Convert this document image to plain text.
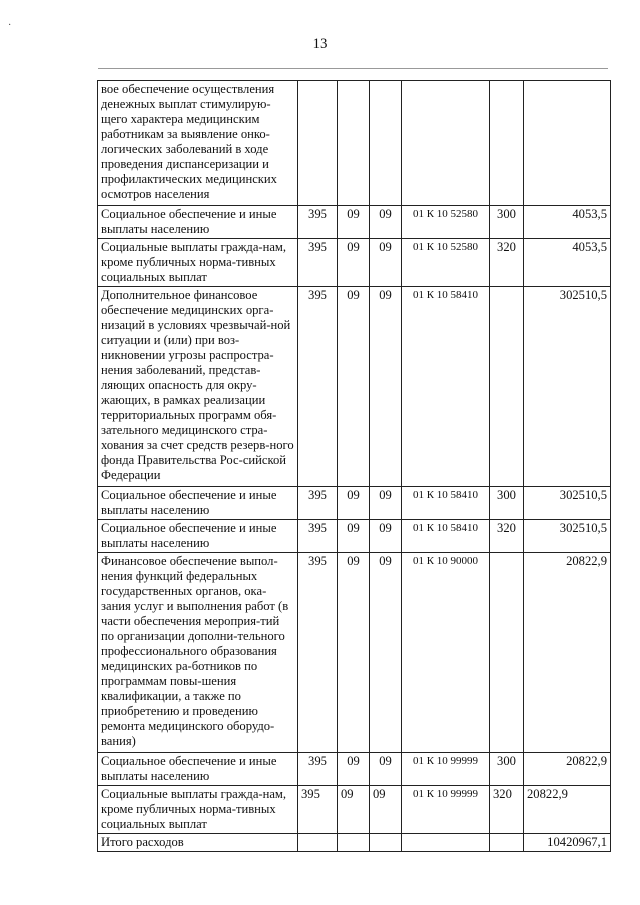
13
·
вое обеспечение осуществления денежных выплат стимулирую-щего характера медицинским работникам за выявление онко-логических заболеваний в ходе проведения диспансеризации и профилактических медицинских осмотров населения						
Социальное обеспечение и иные выплаты населению	395	09	09	01 К 10 52580	300	4053,5
Социальные выплаты гражда-нам, кроме публичных норма-тивных социальных выплат	395	09	09	01 К 10 52580	320	4053,5
Дополнительное финансовое обеспечение медицинских орга-низаций в условиях чрезвычай-ной ситуации и (или) при воз-никновении угрозы распростра-нения заболеваний, представ-ляющих опасность для окру-жающих, в рамках реализации территориальных программ обя-зательного медицинского стра-хования за счет средств резерв-ного фонда Правительства Рос-сийской Федерации	395	09	09	01 К 10 58410		302510,5
Социальное обеспечение и иные выплаты населению	395	09	09	01 К 10 58410	300	302510,5
Социальное обеспечение и иные выплаты населению	395	09	09	01 К 10 58410	320	302510,5
Финансовое обеспечение выпол-нения функций федеральных государственных органов, ока-зания услуг и выполнения работ (в части обеспечения мероприя-тий по организации дополни-тельного профессионального образования медицинских ра-ботников по программам повы-шения квалификации, а также по приобретению и проведению ремонта медицинского оборудо-вания)	395	09	09	01 К 10 90000		20822,9
Социальное обеспечение и иные выплаты населению	395	09	09	01 К 10 99999	300	20822,9
Социальные выплаты гражда-нам, кроме публичных норма-тивных социальных выплат	395	09	09	01 К 10 99999	320	20822,9
Итого расходов						10420967,1
